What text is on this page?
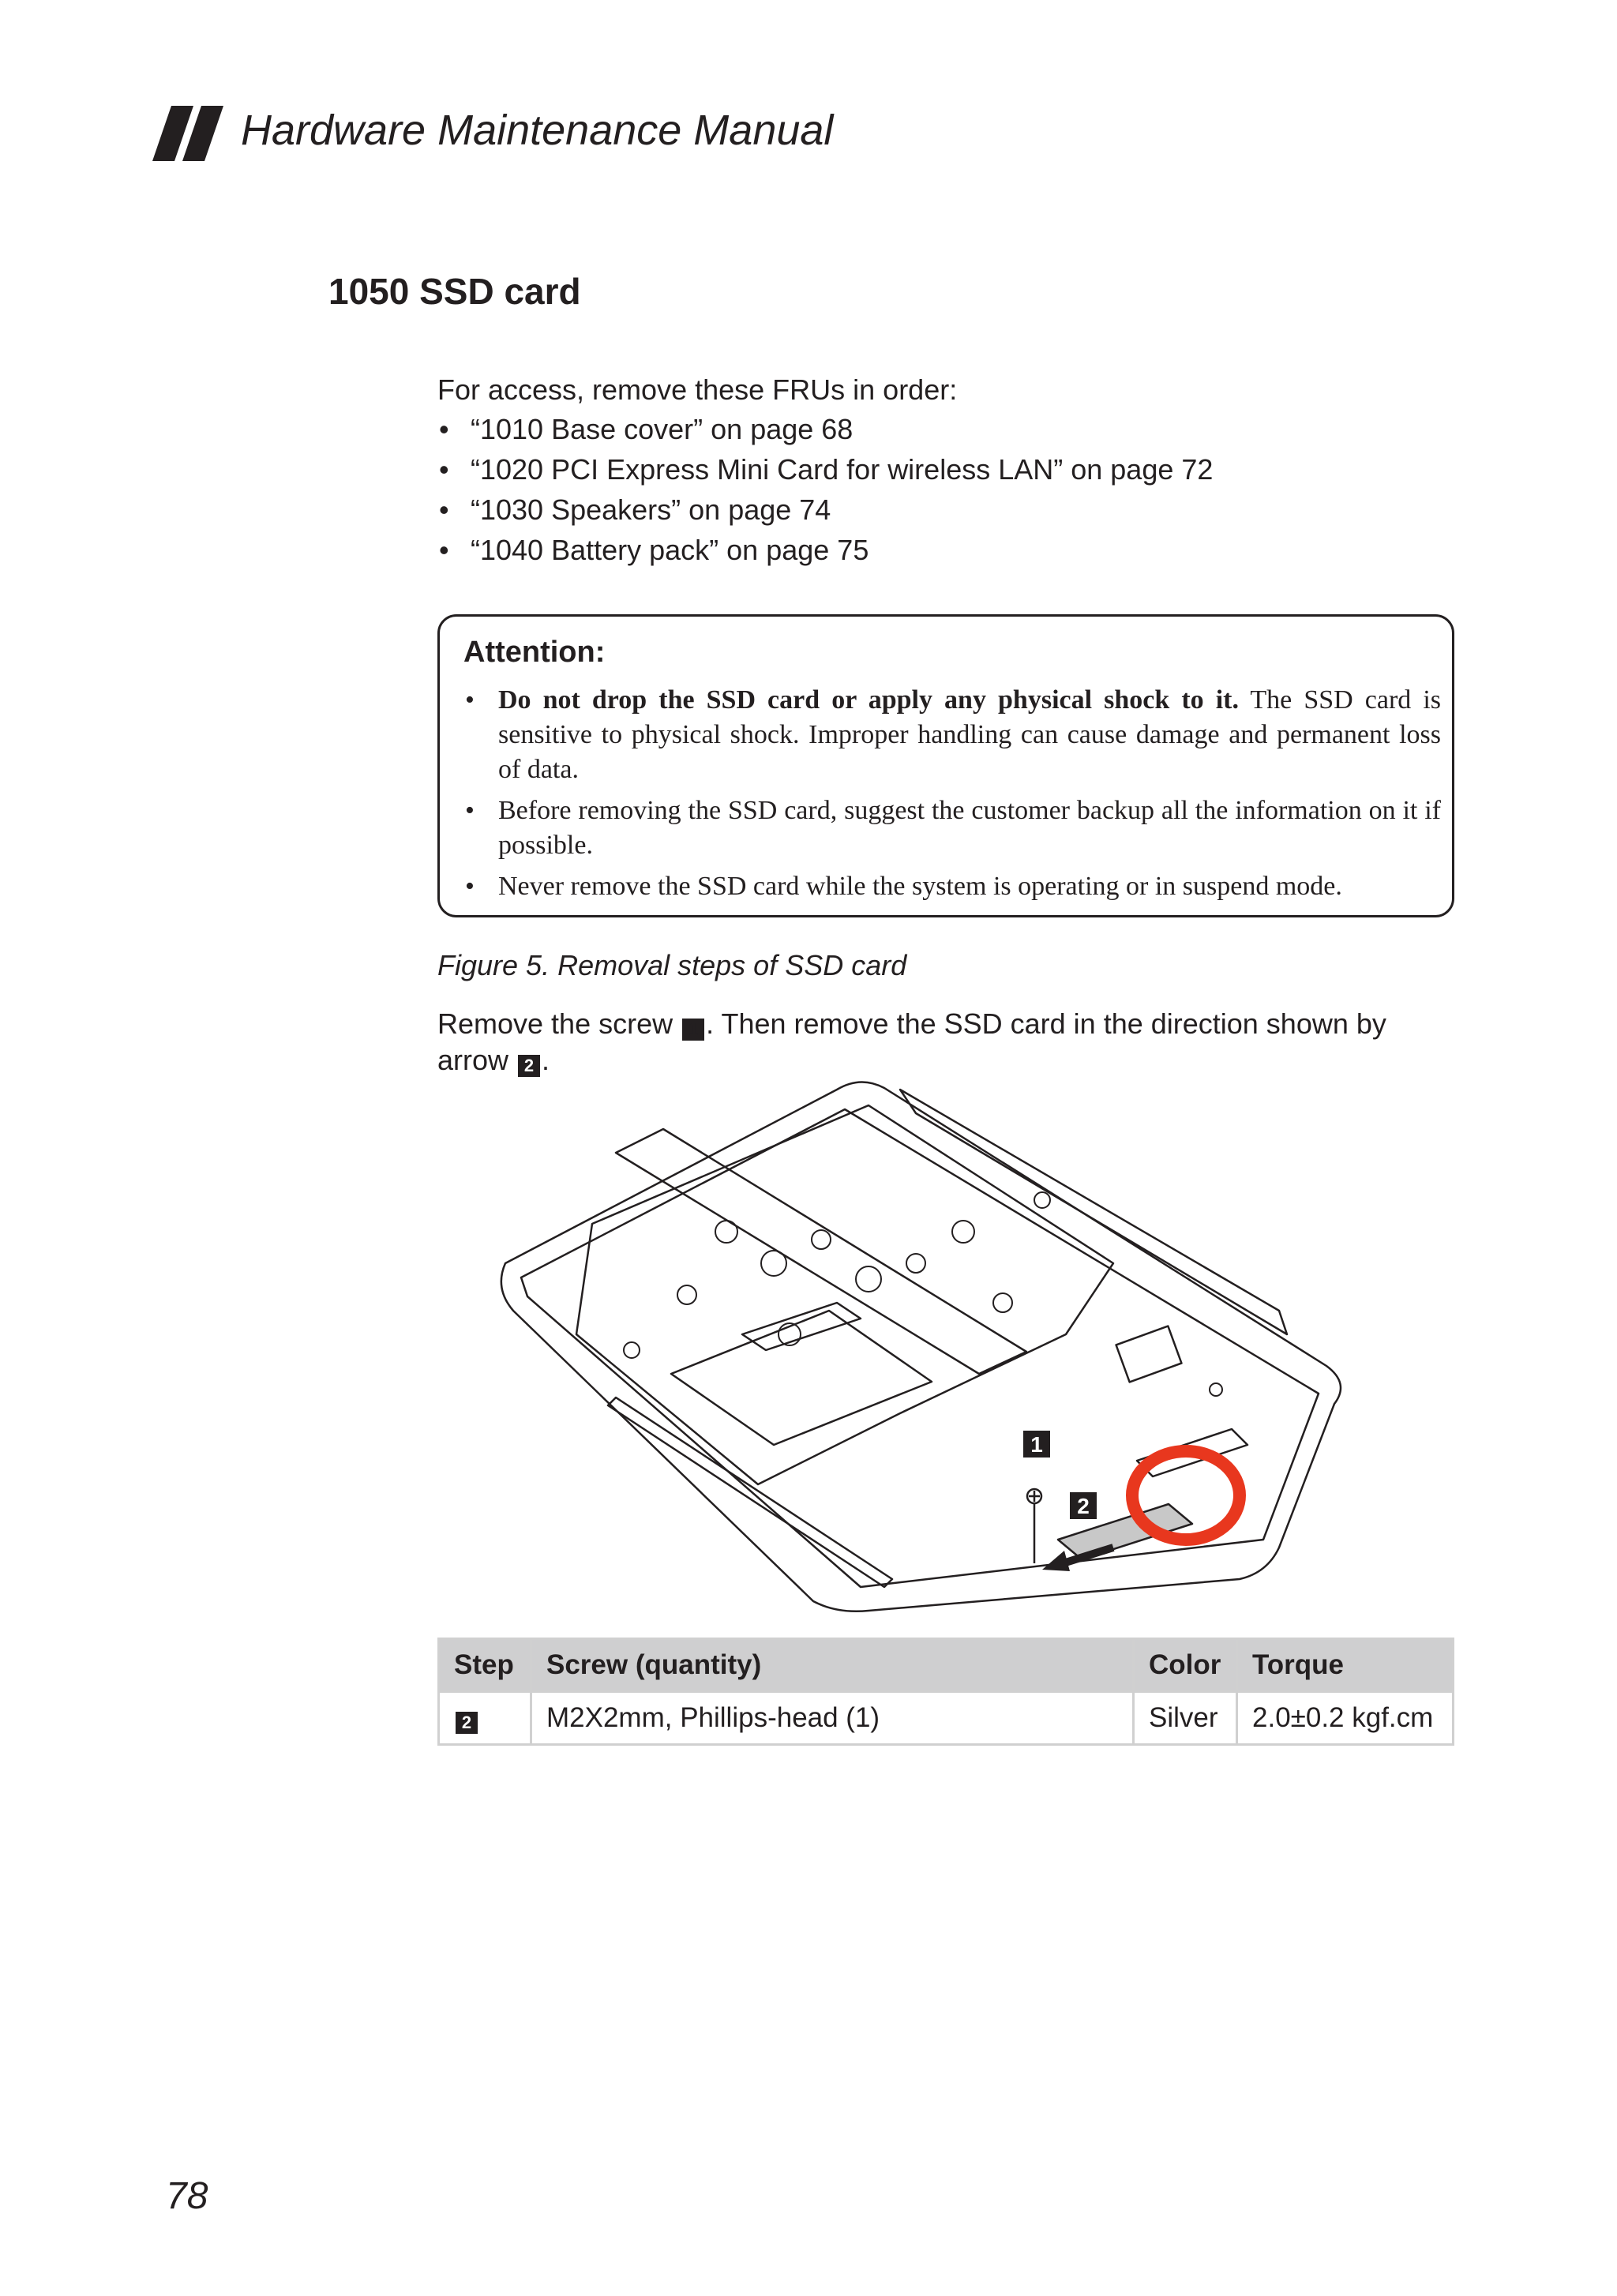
Hardware Maintenance Manual
1050 SSD card
For access, remove these FRUs in order:
• “1010 Base cover” on page 68
• “1020 PCI Express Mini Card for wireless LAN” on page 72
• “1030 Speakers” on page 74
• “1040 Battery pack” on page 75
Attention:
• Do not drop the SSD card or apply any physical shock to it. The SSD card is sensitive to physical shock. Improper handling can cause damage and permanent loss of data.
• Before removing the SSD card, suggest the customer backup all the information on it if possible.
• Never remove the SSD card while the system is operating or in suspend mode.
Figure 5. Removal steps of SSD card
Remove the screw 1 . Then remove the SSD card in the direction shown by arrow 2 .
1
2
Step	Screw (quantity)	Color	Torque
2	M2X2mm, Phillips-head (1)	Silver	2.0±0.2 kgf.cm
78
